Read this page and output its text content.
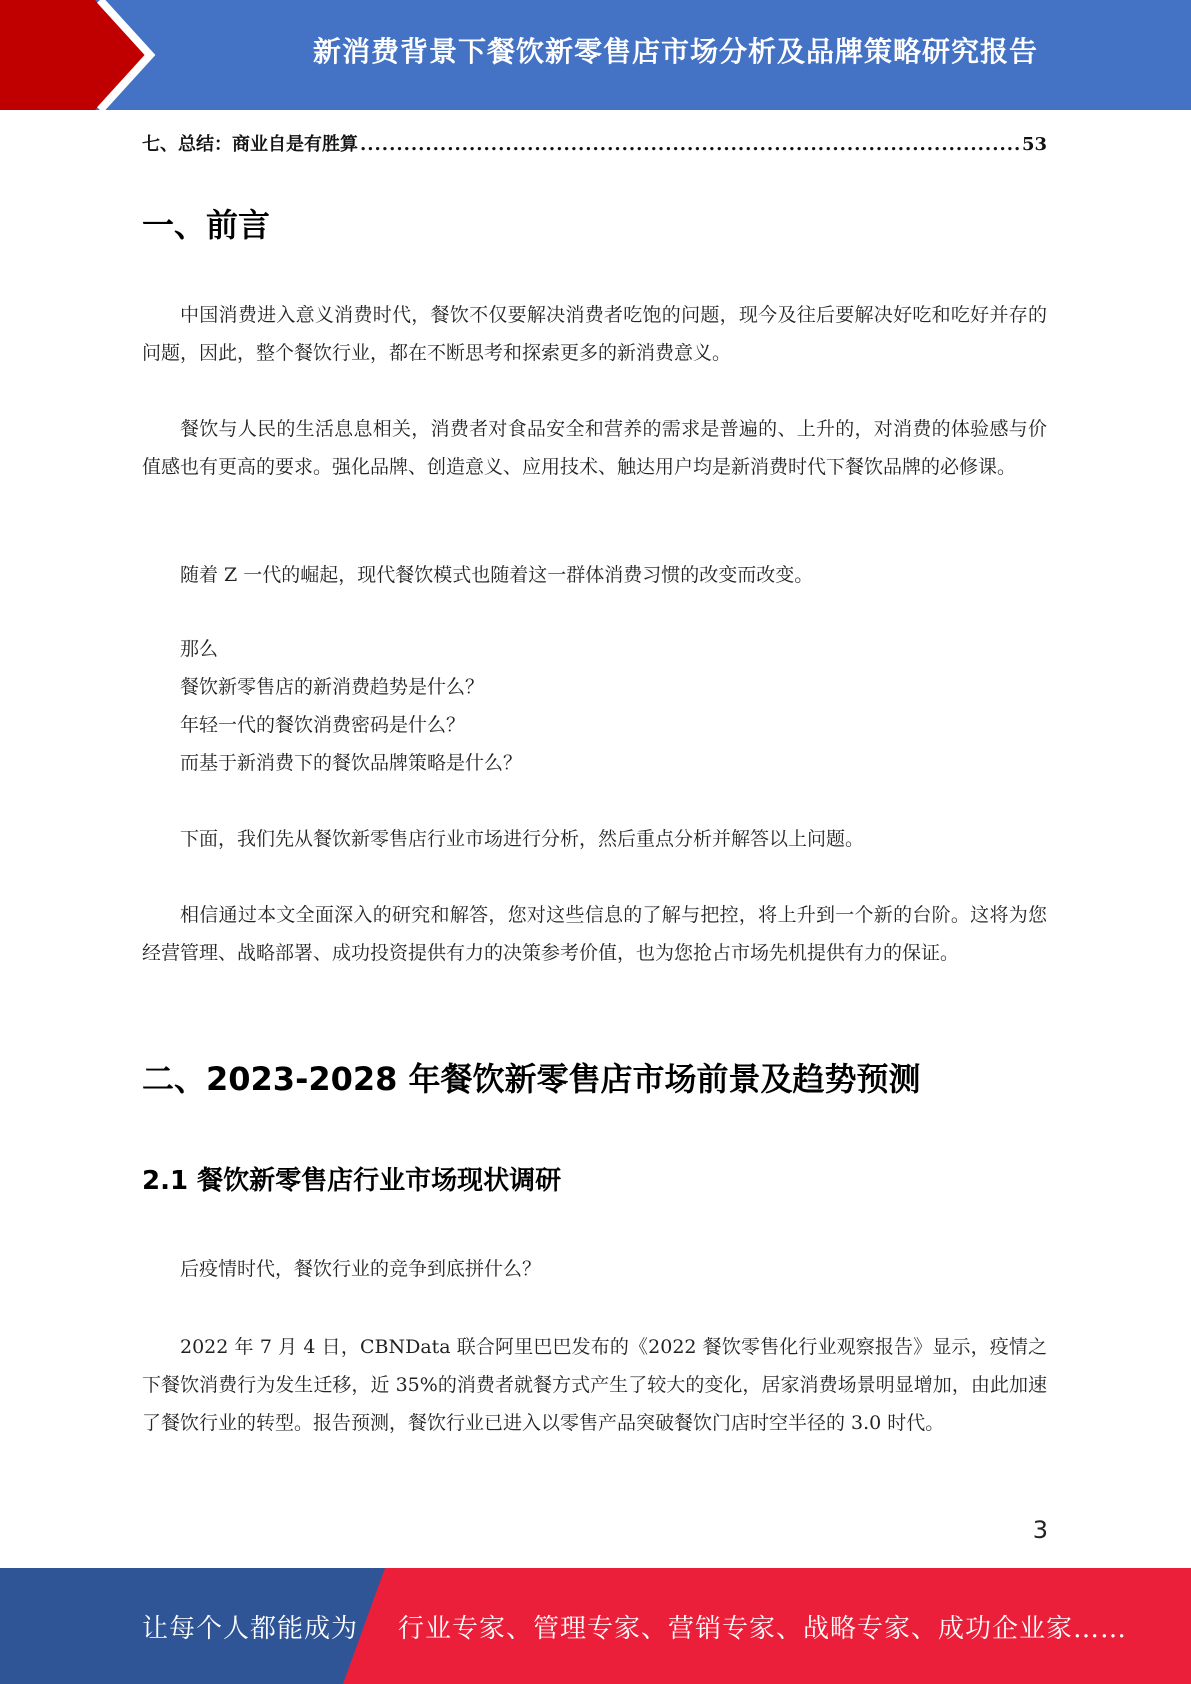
新消费背景下餐饮新零售店市场分析及品牌策略研究报告
七、总结：商业自是有胜算
.....	53
一、前言

中国消费进入意义消费时代，餐饮不仅要解决消费者吃饱的问题，现今及往后要解决好吃和吃好并存的问题，因此，整个餐饮行业，都在不断思考和探索更多的新消费意义。

餐饮与人民的生活息息相关，消费者对食品安全和营养的需求是普遍的、上升的，对消费的体验感与价值感也有更高的要求。强化品牌、创造意义、应用技术、触达用户均是新消费时代下餐饮品牌的必修课。

随着 Z 一代的崛起，现代餐饮模式也随着这一群体消费习惯的改变而改变。

那么
餐饮新零售店的新消费趋势是什么？
年轻一代的餐饮消费密码是什么？
而基于新消费下的餐饮品牌策略是什么？

下面，我们先从餐饮新零售店行业市场进行分析，然后重点分析并解答以上问题。

相信通过本文全面深入的研究和解答，您对这些信息的了解与把控，将上升到一个新的台阶。这将为您经营管理、战略部署、成功投资提供有力的决策参考价值，也为您抢占市场先机提供有力的保证。

二、2023-2028 年餐饮新零售店市场前景及趋势预测
2.1 餐饮新零售店行业市场现状调研

后疫情时代，餐饮行业的竞争到底拼什么？

2022 年 7 月 4 日，CBNData 联合阿里巴巴发布的《2022 餐饮零售化行业观察报告》显示，疫情之下餐饮消费行为发生迁移，近 35%的消费者就餐方式产生了较大的变化，居家消费场景明显增加，由此加速了餐饮行业的转型。报告预测，餐饮行业已进入以零售产品突破餐饮门店时空半径的 3.0 时代。

3
让每个人都能成为 行业专家、管理专家、营销专家、战略专家、成功企业家……
